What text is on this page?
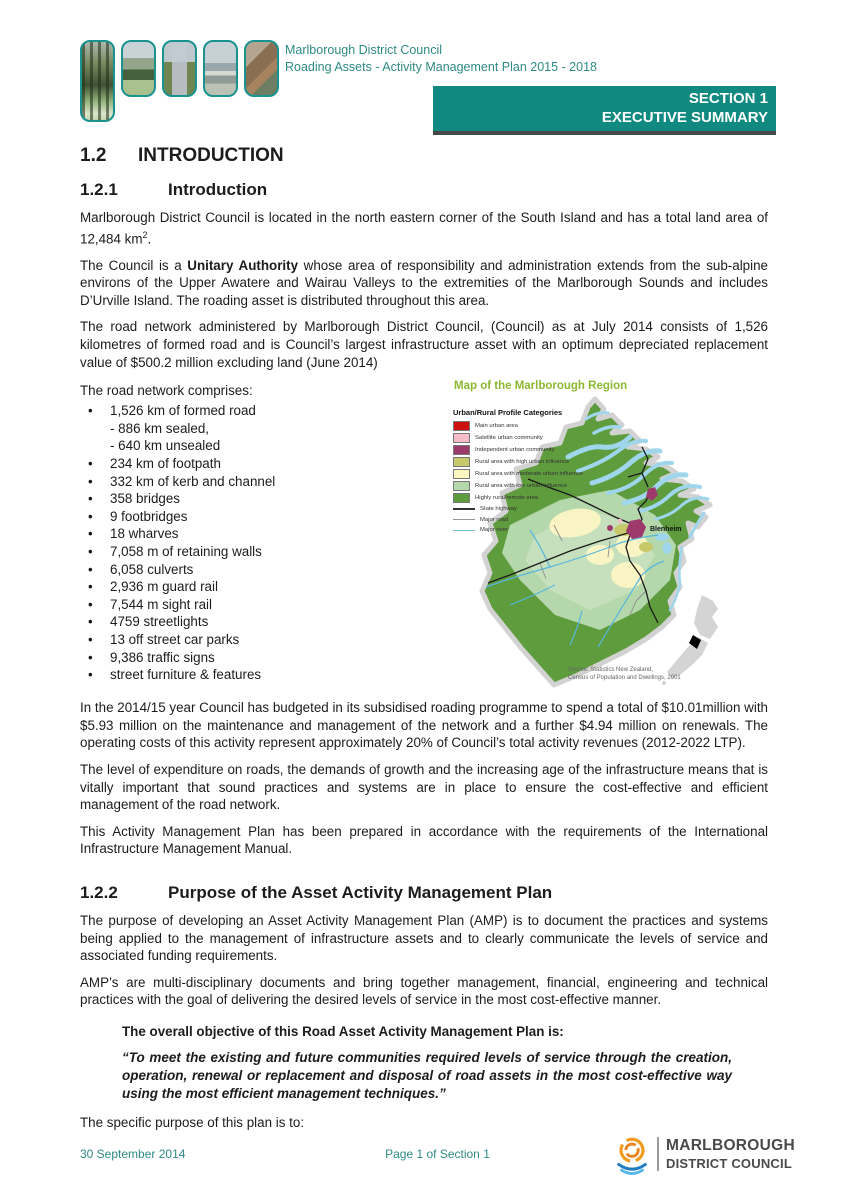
Marlborough District Council
Roading Assets - Activity Management Plan 2015 - 2018
SECTION 1
EXECUTIVE SUMMARY
1.2	INTRODUCTION
1.2.1	Introduction

Marlborough District Council is located in the north eastern corner of the South Island and has a total land area of 12,484 $km^2$.

The Council is a Unitary Authority whose area of responsibility and administration extends from the sub-alpine environs of the Upper Awatere and Wairau Valleys to the extremities of the Marlborough Sounds and includes D’Urville Island. The roading asset is distributed throughout this area.

The road network administered by Marlborough District Council, (Council) as at July 2014 consists of 1,526 kilometres of formed road and is Council’s largest infrastructure asset with an optimum depreciated replacement value of $500.2 million excluding land (June 2014)

The road network comprises:
• 1,526 km of formed road
- 886 km sealed,
- 640 km unsealed
• 234 km of footpath
• 332 km of kerb and channel
• 358 bridges
• 9 footbridges
• 18 wharves
• 7,058 m of retaining walls
• 6,058 culverts
• 2,936 m guard rail
• 7,544 m sight rail
• 4759 streetlights
• 13 off street car parks
• 9,386 traffic signs
• street furniture & features
Map of the Marlborough Region
Blenheim
Source: Statistics New Zealand,
Census of Population and Dwellings, 2001
Urban/Rural Profile Categories
Main urban area
Satellite urban community
Independent urban community
Rural area with high urban influence
Rural area with moderate urban influence
Rural area with low urban influence
Highly rural/remote area
State highway
Major road
Major river

In the 2014/15 year Council has budgeted in its subsidised roading programme to spend a total of $10.01million with $5.93 million on the maintenance and management of the network and a further $4.94 million on renewals. The operating costs of this activity represent approximately 20% of Council’s total activity revenues (2012-2022 LTP).

The level of expenditure on roads, the demands of growth and the increasing age of the infrastructure means that is vitally important that sound practices and systems are in place to ensure the cost-effective and efficient management of the road network.

This Activity Management Plan has been prepared in accordance with the requirements of the International Infrastructure Management Manual.

1.2.2	Purpose of the Asset Activity Management Plan

The purpose of developing an Asset Activity Management Plan (AMP) is to document the practices and systems being applied to the management of infrastructure assets and to clearly communicate the levels of service and associated funding requirements.

AMP’s are multi-disciplinary documents and bring together management, financial, engineering and technical practices with the goal of delivering the desired levels of service in the most cost-effective manner.

The overall objective of this Road Asset Activity Management Plan is:
“To meet the existing and future communities required levels of service through the creation, operation, renewal or replacement and disposal of road assets in the most cost-effective way using the most efficient management techniques.”

The specific purpose of this plan is to:

30 September 2014	Page 1 of Section 1	MARLBOROUGH
DISTRICT COUNCIL
